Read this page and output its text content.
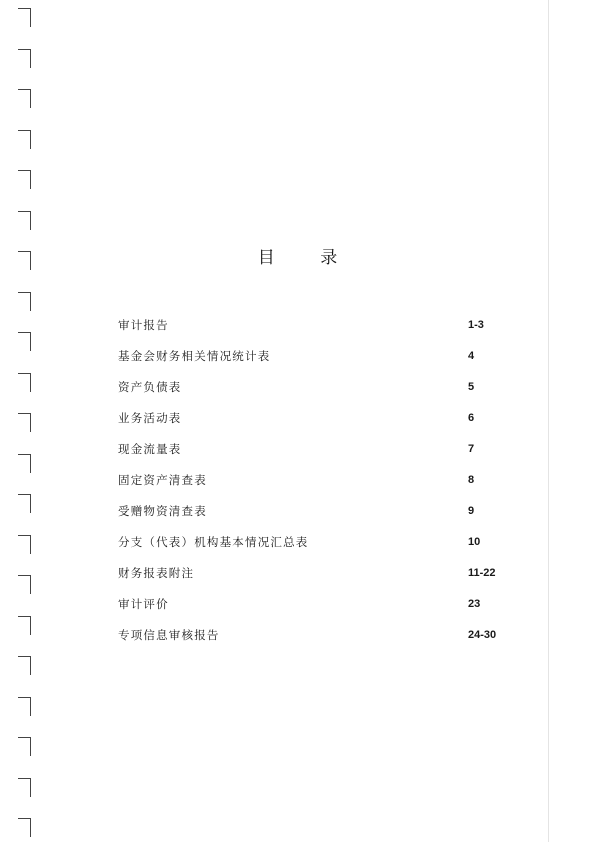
目 录
审计报告	1-3
基金会财务相关情况统计表	4
资产负债表	5
业务活动表	6
现金流量表	7
固定资产清查表	8
受赠物资清查表	9
分支（代表）机构基本情况汇总表	10
财务报表附注	11-22
审计评价	23
专项信息审核报告	24-30
